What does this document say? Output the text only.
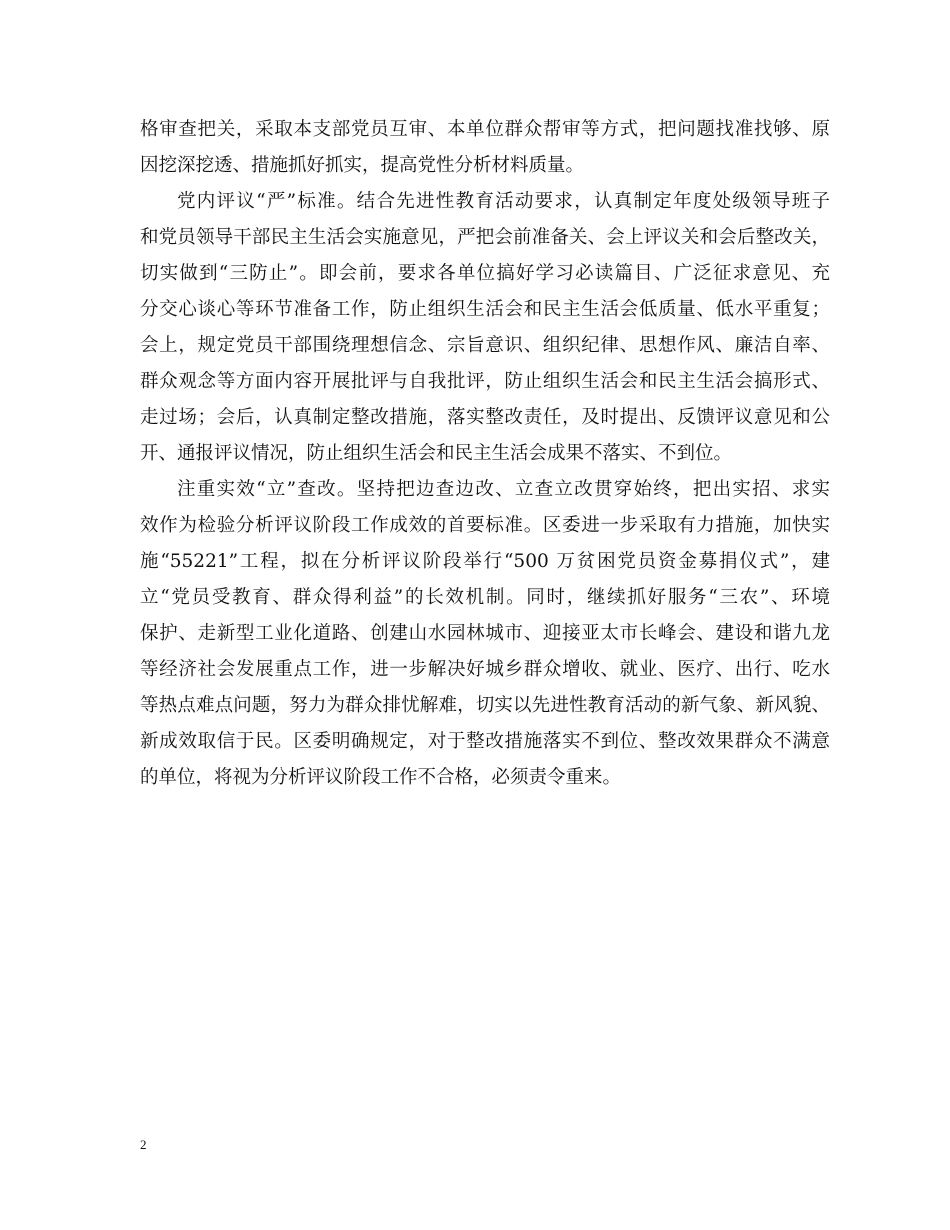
格审查把关，采取本支部党员互审、本单位群众帮审等方式，把问题找准找够、原
因挖深挖透、措施抓好抓实，提高党性分析材料质量。
党内评议“严”标准。结合先进性教育活动要求，认真制定年度处级领导班子
和党员领导干部民主生活会实施意见，严把会前准备关、会上评议关和会后整改关，
切实做到“三防止”。即会前，要求各单位搞好学习必读篇目、广泛征求意见、充
分交心谈心等环节准备工作，防止组织生活会和民主生活会低质量、低水平重复；
会上，规定党员干部围绕理想信念、宗旨意识、组织纪律、思想作风、廉洁自率、
群众观念等方面内容开展批评与自我批评，防止组织生活会和民主生活会搞形式、
走过场；会后，认真制定整改措施，落实整改责任，及时提出、反馈评议意见和公
开、通报评议情况，防止组织生活会和民主生活会成果不落实、不到位。
注重实效“立”查改。坚持把边查边改、立查立改贯穿始终，把出实招、求实
效作为检验分析评议阶段工作成效的首要标准。区委进一步采取有力措施，加快实
施“55221”工程，拟在分析评议阶段举行“500 万贫困党员资金募捐仪式”，建
立“党员受教育、群众得利益”的长效机制。同时，继续抓好服务“三农”、环境
保护、走新型工业化道路、创建山水园林城市、迎接亚太市长峰会、建设和谐九龙
等经济社会发展重点工作，进一步解决好城乡群众增收、就业、医疗、出行、吃水
等热点难点问题，努力为群众排忧解难，切实以先进性教育活动的新气象、新风貌、
新成效取信于民。区委明确规定，对于整改措施落实不到位、整改效果群众不满意
的单位，将视为分析评议阶段工作不合格，必须责令重来。
2
